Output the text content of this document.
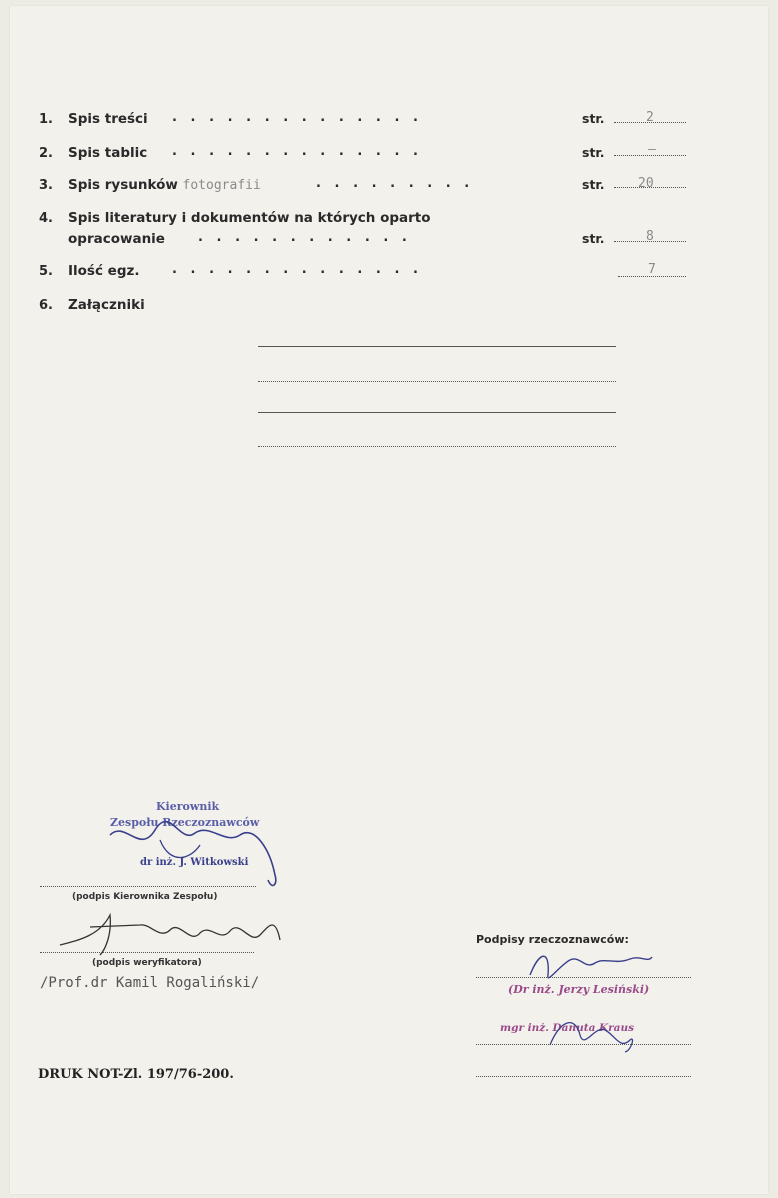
1. Spis treści ..............	str.	2
2. Spis tablic ..............	str.	–
3. Spis rysunków fotografii	.........	str.	20
4. Spis literatury i dokumentów na których oparto
opracowanie	............	str.	8
5. Ilość egz.	..............	7
6. Załączniki
Kierownik
Zespołu Rzeczoznawców
dr inż. J. Witkowski
(podpis Kierownika Zespołu)
(podpis weryfikatora)
/Prof.dr Kamil Rogaliński/
Podpisy rzeczoznawców:
(Dr inż. Jerzy Lesiński)
mgr inż. Danuta Kraus
DRUK NOT-Zl. 197/76-200.
